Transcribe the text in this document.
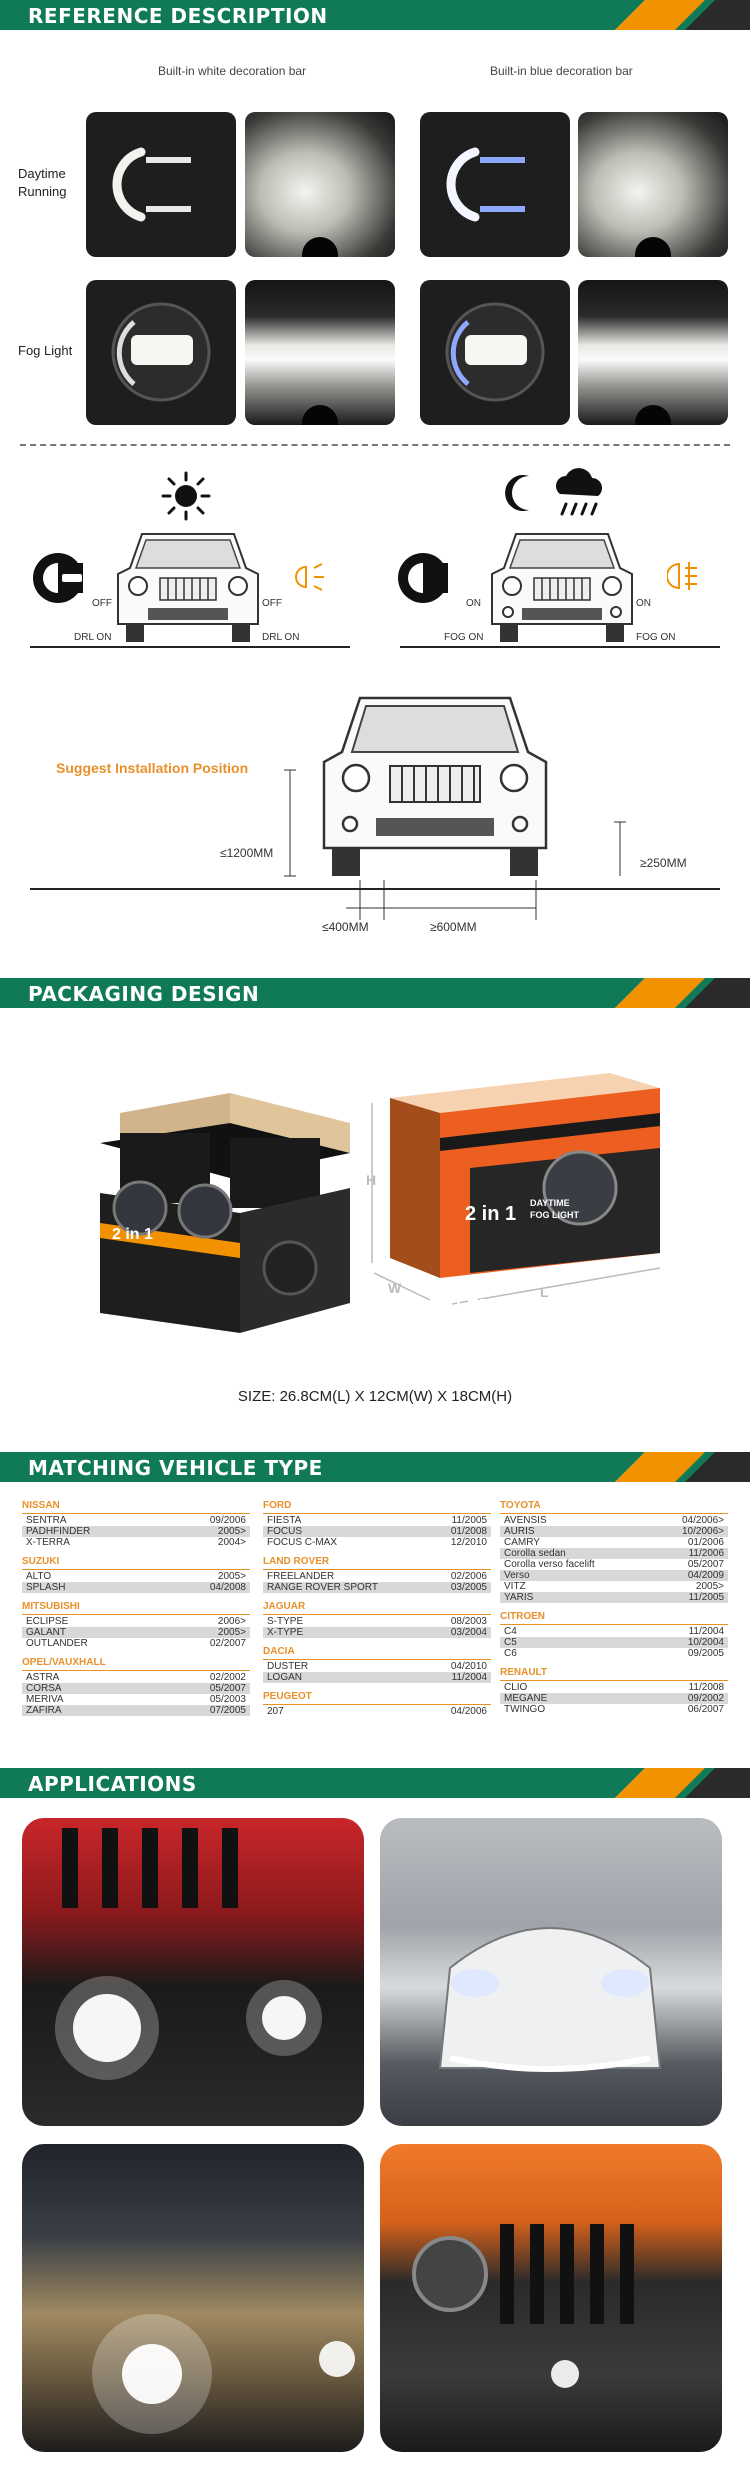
REFERENCE DESCRIPTION
Built-in white decoration bar	Built-in blue decoration bar
Daytime
Running
Fog Light
OFF	OFF
DRL ON	DRL ON
ON	ON
FOG ON	FOG ON
Suggest Installation Position
≤1200MM
≥250MM
≤400MM	≥600MM
PACKAGING DESIGN
2 in 1
2 in 1 DAYTIME
FOG LIGHT
LED
H
W	L
SIZE: 26.8CM(L) X 12CM(W) X 18CM(H)
MATCHING VEHICLE TYPE
NISSAN
SENTRA	09/2006
PADHFINDER	2005>
X-TERRA	2004>
SUZUKI
ALTO	2005>
SPLASH	04/2008
MITSUBISHI
ECLIPSE	2006>
GALANT	2005>
OUTLANDER	02/2007
OPEL/VAUXHALL
ASTRA	02/2002
CORSA	05/2007
MERIVA	05/2003
ZAFIRA	07/2005
FORD
FIESTA	11/2005
FOCUS	01/2008
FOCUS C-MAX	12/2010
LAND ROVER
FREELANDER	02/2006
RANGE ROVER SPORT	03/2005
JAGUAR
S-TYPE	08/2003
X-TYPE	03/2004
DACIA
DUSTER	04/2010
LOGAN	11/2004
PEUGEOT
207	04/2006
TOYOTA
AVENSIS	04/2006>
AURIS	10/2006>
CAMRY	01/2006
Corolla sedan	11/2006
Corolla verso facelift	05/2007
Verso	04/2009
VITZ	2005>
YARIS	11/2005
CITROEN
C4	11/2004
C5	10/2004
C6	09/2005
RENAULT
CLIO	11/2008
MEGANE	09/2002
TWINGO	06/2007
APPLICATIONS
